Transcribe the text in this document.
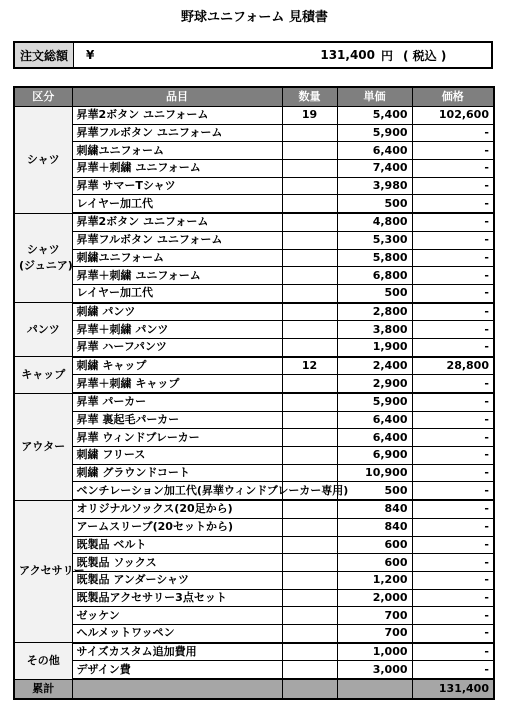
野球ユニフォーム 見積書
注文総額	¥	131,400 円 ( 税込 )
区分	品目	数量	単価	価格
シャツ	昇華2ボタン ユニフォーム	19	5,400	102,600
	昇華フルボタン ユニフォーム		5,900	-
	刺繍ユニフォーム		6,400	-
	昇華＋刺繍 ユニフォーム		7,400	-
	昇華 サマーTシャツ		3,980	-
	レイヤー加工代		500	-
シャツ
(ジュニア)	昇華2ボタン ユニフォーム		4,800	-
	昇華フルボタン ユニフォーム		5,300	-
	刺繍ユニフォーム		5,800	-
	昇華＋刺繍 ユニフォーム		6,800	-
	レイヤー加工代		500	-
パンツ	刺繍 パンツ		2,800	-
	昇華＋刺繍 パンツ		3,800	-
	昇華 ハーフパンツ		1,900	-
キャップ	刺繍 キャップ	12	2,400	28,800
	昇華＋刺繍 キャップ		2,900	-
アウター	昇華 パーカー		5,900	-
	昇華 裏起毛パーカー		6,400	-
	昇華 ウィンドブレーカー		6,400	-
	刺繍 フリース		6,900	-
	刺繍 グラウンドコート		10,900	-
	ベンチレーション加工代(昇華ウィンドブレーカー専用)		500	-
アクセサリー	オリジナルソックス(20足から)		840	-
	アームスリーブ(20セットから)		840	-
	既製品 ベルト		600	-
	既製品 ソックス		600	-
	既製品 アンダーシャツ		1,200	-
	既製品アクセサリー3点セット		2,000	-
	ゼッケン		700	-
	ヘルメットワッペン		700	-
その他	サイズカスタム追加費用		1,000	-
	デザイン費		3,000	-
累計				131,400
